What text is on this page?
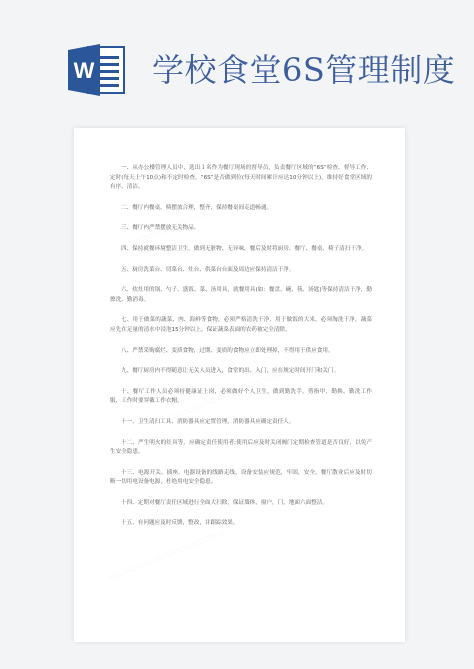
W 学校食堂6S管理制度

一、从办公楼管理人员中，选出１名作为餐厅现场的督导员，负责餐厅区域的“6S”检查、督导工作、定时(每天上午10点)和不定时检查，“6S”是否做到位(每天时间累计应达10分钟以上)，维持好食堂区域的有序、清洁。

二、餐厅内餐桌、椅摆放合理，整齐，保持餐桌间走道畅通。

三、餐厅内严禁摆放无关物品。

四、保持就餐环境整洁卫生，做到无脏物、无异味，餐后及时将厨房、餐厅、餐桌、椅子清扫干净。

五、厨房洗菜台、切菜台、灶台、供菜台台面及周边应保持清洁干净。

六、炊灶用的锅、勺子、盛饭、菜、汤用具，就餐用具(如：餐盘、碗、筷、汤匙)等保持清洁干净，勤擦洗、勤消毒。

七、用于做菜的蔬菜、肉、海鲜等食物，必须严格清洗干净，用于做饭的大米，必须淘洗干净，蔬菜应先在足量的清水中浸泡15分钟以上，保证蔬菜表面的农药被完全清除。

八、严禁采购腐烂、变质食物，过期、变质的食物应立即处理掉，不得用于供应食用。

九、餐厅厨房内不得随意让无关人员进入，食堂的出、入门，应在规定时间开门和关门。

十、餐厅工作人员必须持健康证上岗，必须做好个人卫生，做到勤洗手，剪指甲，勤换、勤洗工作服，工作时要穿戴工作衣帽。

十一、卫生清扫工具、消防器具应定置管理，消防器具应确定责任人。

十二、严生明火的灶具等，应确定责任使用者;使用后应及时关闭阀门定期检查管道是否良好，以免产生安全隐患。

十三、电源开关、插座、电器设备的线路走线，设备安装应规范，牢固，安全。餐厅散业后应及时切断一切用电设备电源，杜绝用电安全隐患。

十四、定期对餐厅责任区域进行全面大扫除，保证墙体，窗户，门，地面六面整洁。

十五、有问题应及时反馈，整改，并跟踪效果。
